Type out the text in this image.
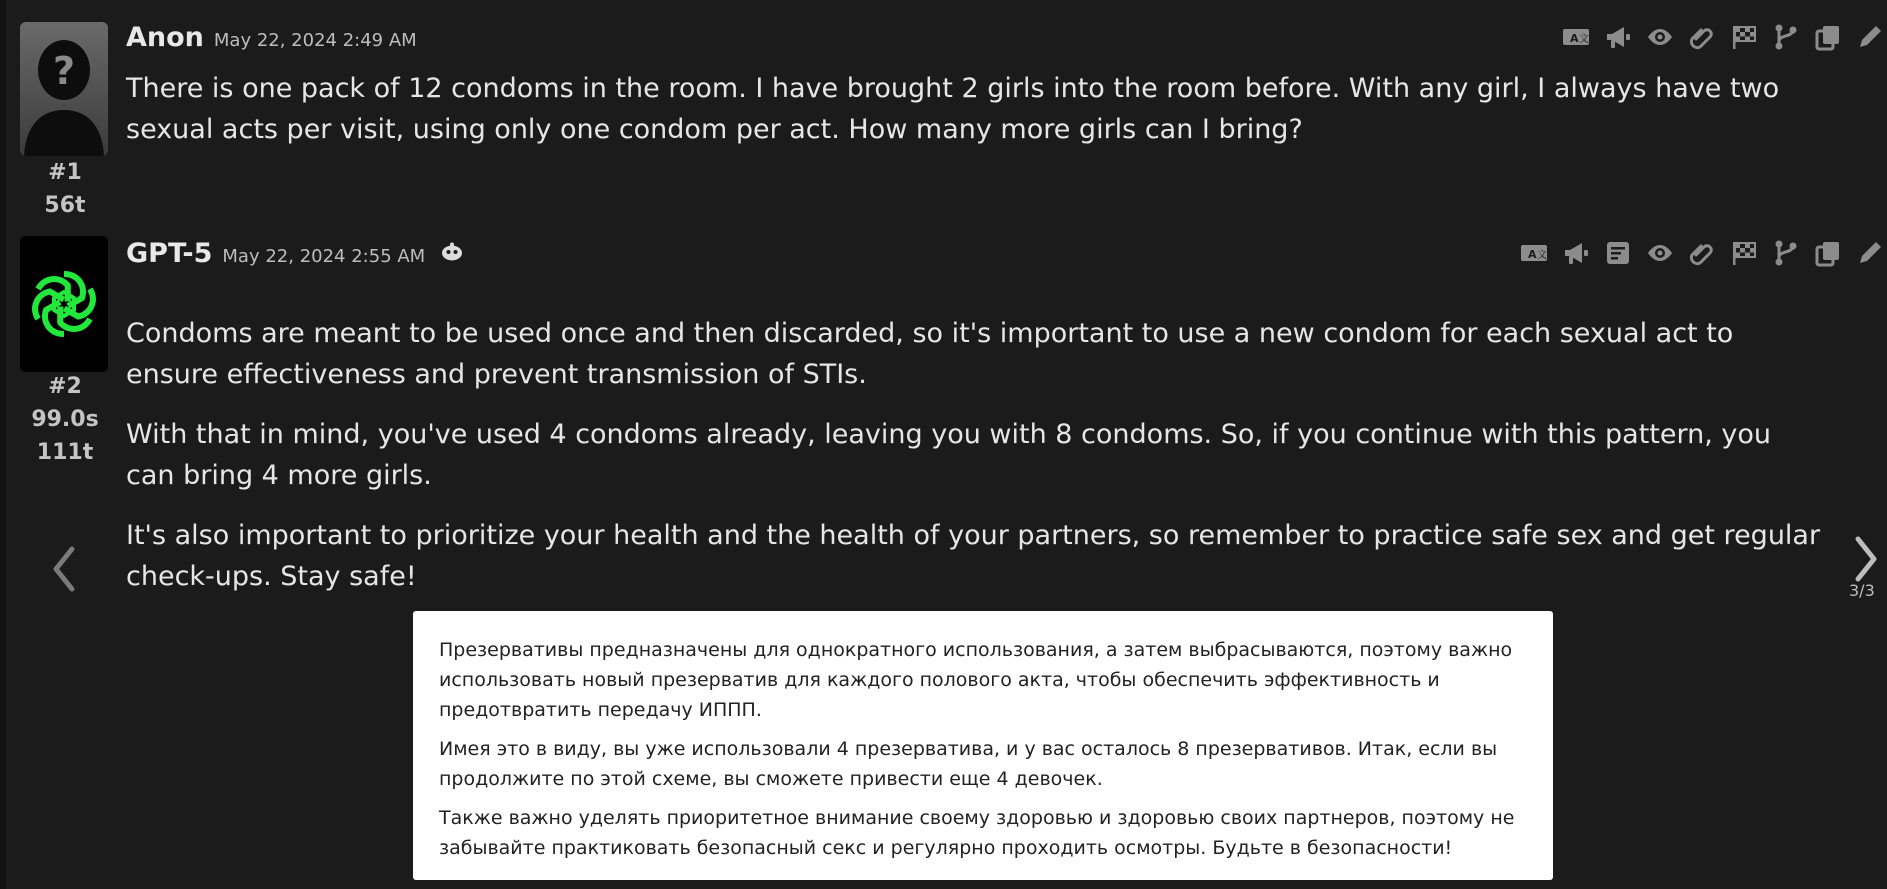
?
#1
56t
Anon May 22, 2024 2:49 AM	A 文

There is one pack of 12 condoms in the room. I have brought 2 girls into the room before. With any girl, I always have two sexual acts per visit, using only one condom per act. How many more girls can I bring?

#2
99.0s
111t
GPT-5 May 22, 2024 2:55 AM	A 文

Condoms are meant to be used once and then discarded, so it's important to use a new condom for each sexual act to ensure effectiveness and prevent transmission of STIs.

With that in mind, you've used 4 condoms already, leaving you with 8 condoms. So, if you continue with this pattern, you can bring 4 more girls.

It's also important to prioritize your health and the health of your partners, so remember to practice safe sex and get regular check-ups. Stay safe!	3/3

Презервативы предназначены для однократного использования, а затем выбрасываются, поэтому важно использовать новый презерватив для каждого полового акта, чтобы обеспечить эффективность и предотвратить передачу ИППП.

Имея это в виду, вы уже использовали 4 презерватива, и у вас осталось 8 презервативов. Итак, если вы продолжите по этой схеме, вы сможете привести еще 4 девочек.

Также важно уделять приоритетное внимание своему здоровью и здоровью своих партнеров, поэтому не забывайте практиковать безопасный секс и регулярно проходить осмотры. Будьте в безопасности!
